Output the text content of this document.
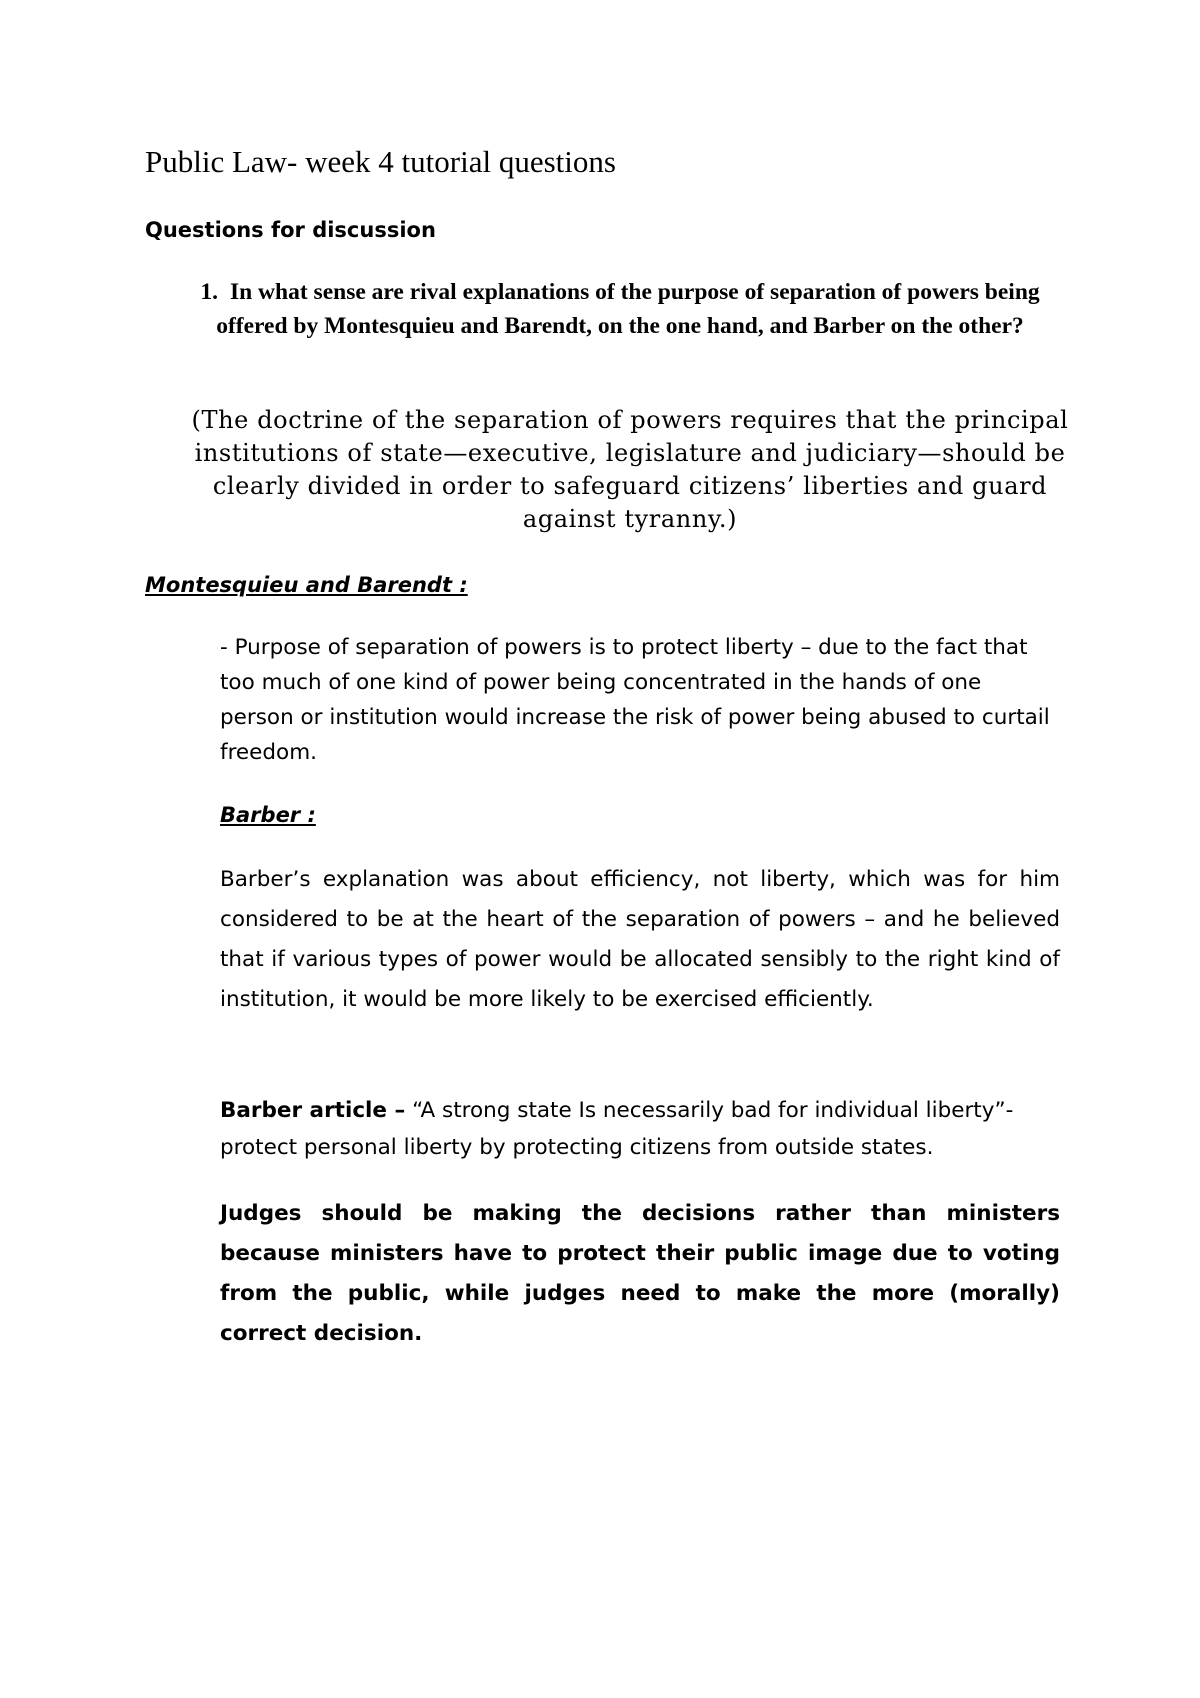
Public Law- week 4 tutorial questions
Questions for discussion
1. In what sense are rival explanations of the purpose of separation of powers being offered by Montesquieu and Barendt, on the one hand, and Barber on the other?
(The doctrine of the separation of powers requires that the principal institutions of state—executive, legislature and judiciary—should be clearly divided in order to safeguard citizens’ liberties and guard against tyranny.)
Montesquieu and Barendt :
- Purpose of separation of powers is to protect liberty – due to the fact that too much of one kind of power being concentrated in the hands of one person or institution would increase the risk of power being abused to curtail freedom.
Barber :
Barber’s explanation was about efficiency, not liberty, which was for him considered to be at the heart of the separation of powers – and he believed that if various types of power would be allocated sensibly to the right kind of institution, it would be more likely to be exercised efficiently.
Barber article – “A strong state Is necessarily bad for individual liberty”- protect personal liberty by protecting citizens from outside states.
Judges should be making the decisions rather than ministers because ministers have to protect their public image due to voting from the public, while judges need to make the more (morally) correct decision.
